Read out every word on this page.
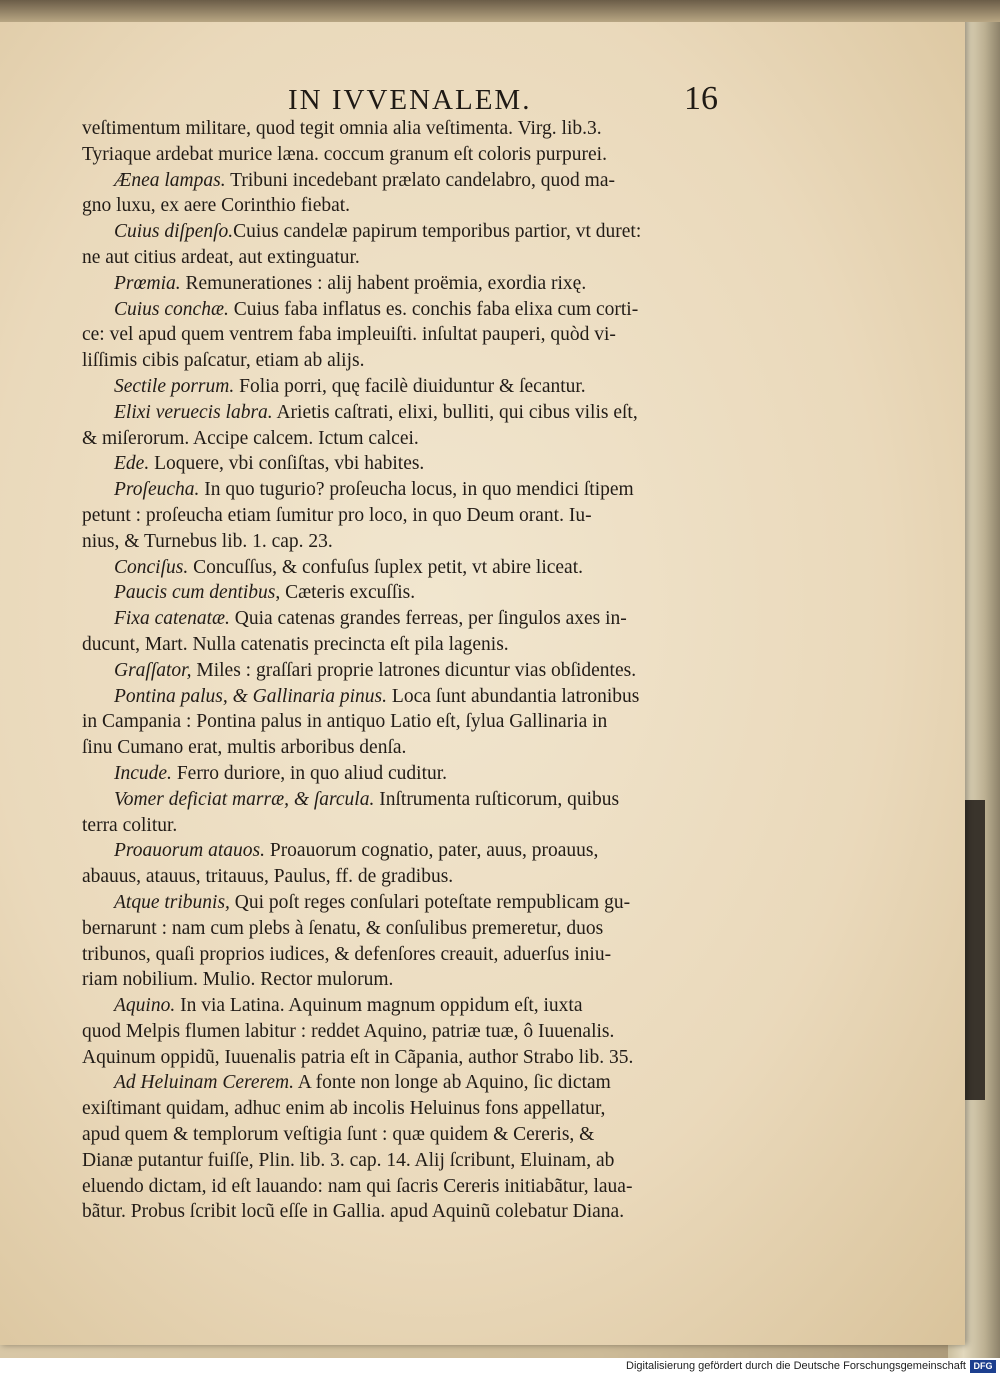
IN IVVENALEM.	16
veſtimentum militare, quod tegit omnia alia veſtimenta. Virg. lib.3.
Tyriaque ardebat murice læna. coccum granum eſt coloris purpurei.
Ænea lampas. Tribuni incedebant prælato candelabro, quod ma-
gno luxu, ex aere Corinthio fiebat.
Cuius diſpenſo.Cuius candelæ papirum temporibus partior, vt duret:
ne aut citius ardeat, aut extinguatur.
Prœmia. Remunerationes : alij habent proëmia, exordia rixę.
Cuius conchæ. Cuius faba inflatus es. conchis faba elixa cum corti-
ce: vel apud quem ventrem faba impleuiſti. inſultat pauperi, quòd vi-
liſſimis cibis paſcatur, etiam ab alijs.
Sectile porrum. Folia porri, quę facilè diuiduntur & ſecantur.
Elixi veruecis labra. Arietis caſtrati, elixi, bulliti, qui cibus vilis eſt,
& miſerorum. Accipe calcem. Ictum calcei.
Ede. Loquere, vbi conſiſtas, vbi habites.
Proſeucha. In quo tugurio? proſeucha locus, in quo mendici ſtipem
petunt : proſeucha etiam ſumitur pro loco, in quo Deum orant. Iu-
nius, & Turnebus lib. 1. cap. 23.
Conciſus. Concuſſus, & confuſus ſuplex petit, vt abire liceat.
Paucis cum dentibus, Cæteris excuſſis.
Fixa catenatæ. Quia catenas grandes ferreas, per ſingulos axes in-
ducunt, Mart. Nulla catenatis precincta eſt pila lagenis.
Graſſator, Miles : graſſari proprie latrones dicuntur vias obſidentes.
Pontina palus, & Gallinaria pinus. Loca ſunt abundantia latronibus
in Campania : Pontina palus in antiquo Latio eſt, ſylua Gallinaria in
ſinu Cumano erat, multis arboribus denſa.
Incude. Ferro duriore, in quo aliud cuditur.
Vomer deficiat marræ, & ſarcula. Inſtrumenta ruſticorum, quibus
terra colitur.
Proauorum atauos. Proauorum cognatio, pater, auus, proauus,
abauus, atauus, tritauus, Paulus, ff. de gradibus.
Atque tribunis, Qui poſt reges conſulari poteſtate rempublicam gu-
bernarunt : nam cum plebs à ſenatu, & conſulibus premeretur, duos
tribunos, quaſi proprios iudices, & defenſores creauit, aduerſus iniu-
riam nobilium. Mulio. Rector mulorum.
Aquino. In via Latina. Aquinum magnum oppidum eſt, iuxta
quod Melpis flumen labitur : reddet Aquino, patriæ tuæ, ô Iuuenalis.
Aquinum oppidũ, Iuuenalis patria eſt in Cãpania, author Strabo lib. 35.
Ad Heluinam Cererem. A fonte non longe ab Aquino, ſic dictam
exiſtimant quidam, adhuc enim ab incolis Heluinus fons appellatur,
apud quem & templorum veſtigia ſunt : quæ quidem & Cereris, &
Dianæ putantur fuiſſe, Plin. lib. 3. cap. 14. Alij ſcribunt, Eluinam, ab
eluendo dictam, id eſt lauando: nam qui ſacris Cereris initiabãtur, laua-
bãtur. Probus ſcribit locũ eſſe in Gallia. apud Aquinũ colebatur Diana.
Digitalisierung gefördert durch die Deutsche Forschungsgemeinschaft DFG
